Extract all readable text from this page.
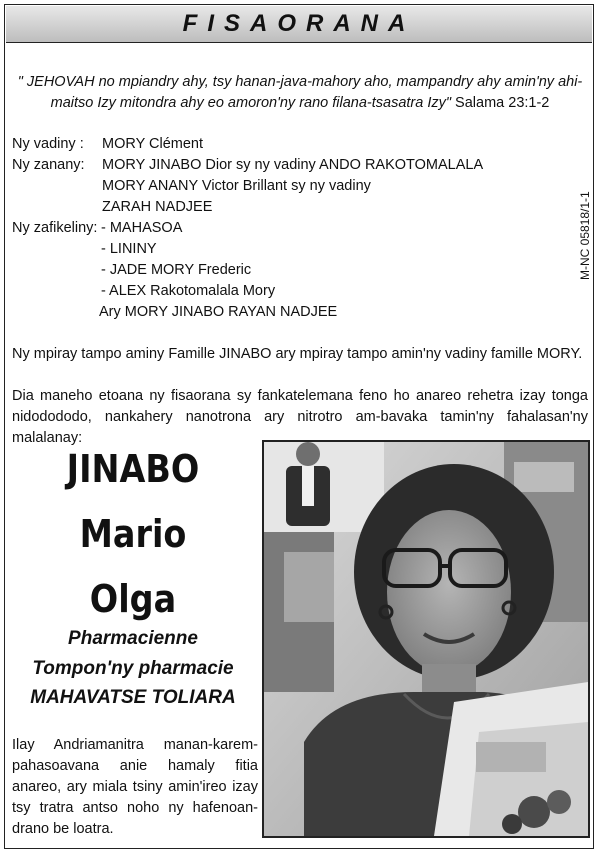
FISAORANA
" JEHOVAH no mpiandry ahy, tsy hanan-java-mahory aho, mampandry ahy amin'ny ahi-maitso Izy mitondra ahy eo amoron'ny rano filana-tsasatra Izy" Salama 23:1-2
Ny vadiny : MORY Clément
Ny zanany: MORY JINABO Dior sy ny vadiny ANDO RAKOTOMALALA
MORY ANANY Victor Brillant sy ny vadiny
ZARAH NADJEE
Ny zafikeliny: - MAHASOA
- LININY
- JADE MORY Frederic
- ALEX Rakotomalala Mory
Ary MORY JINABO RAYAN NADJEE
M-NC 05818/1-1
Ny mpiray tampo aminy Famille JINABO ary mpiray tampo amin'ny vadiny famille MORY.
Dia maneho etoana ny fisaorana sy fankatelemana feno ho anareo rehetra izay tonga nidodododo, nankahery nanotrona ary nitrotro am-bavaka tamin'ny fahalasan'ny malalanay:
JINABO
Mario
Olga
Pharmacienne
Tompon'ny pharmacie
MAHAVATSE TOLIARA
Ilay Andriamanitra manan-karem-pahasoavana anie hamaly fitia anareo, ary miala tsiny amin'ireo izay tsy tratra antso noho ny hafenoan-drano be loatra.
